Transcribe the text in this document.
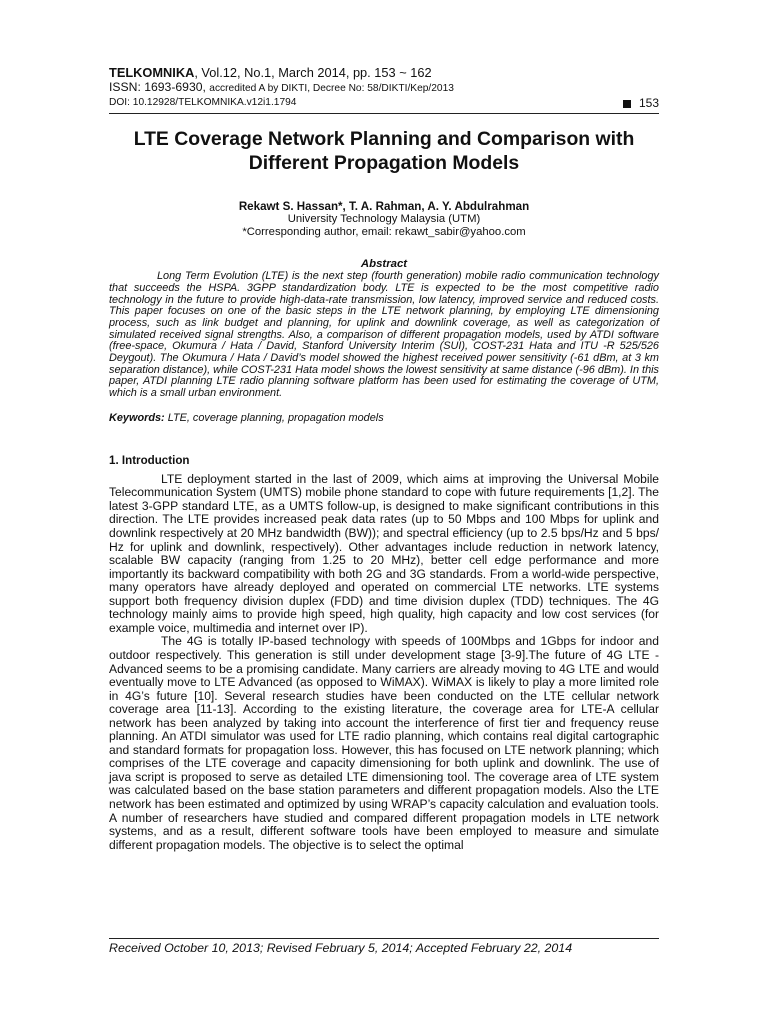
TELKOMNIKA, Vol.12, No.1, March 2014, pp. 153 ~ 162
ISSN: 1693-6930, accredited A by DIKTI, Decree No: 58/DIKTI/Kep/2013
DOI: 10.12928/TELKOMNIKA.v12i1.1794	153
LTE Coverage Network Planning and Comparison with Different Propagation Models
Rekawt S. Hassan*, T. A. Rahman, A. Y. Abdulrahman
University Technology Malaysia (UTM)
*Corresponding author, email: rekawt_sabir@yahoo.com
Abstract

Long Term Evolution (LTE) is the next step (fourth generation) mobile radio communication technology that succeeds the HSPA. 3GPP standardization body. LTE is expected to be the most competitive radio technology in the future to provide high-data-rate transmission, low latency, improved service and reduced costs. This paper focuses on one of the basic steps in the LTE network planning, by employing LTE dimensioning process, such as link budget and planning, for uplink and downlink coverage, as well as categorization of simulated received signal strengths. Also, a comparison of different propagation models, used by ATDI software (free-space, Okumura / Hata / David, Stanford University Interim (SUI), COST-231 Hata and ITU -R 525/526 Deygout). The Okumura / Hata / David’s model showed the highest received power sensitivity (-61 dBm, at 3 km separation distance), while COST-231 Hata model shows the lowest sensitivity at same distance (-96 dBm). In this paper, ATDI planning LTE radio planning software platform has been used for estimating the coverage of UTM, which is a small urban environment.

Keywords: LTE, coverage planning, propagation models
1. Introduction

LTE deployment started in the last of 2009, which aims at improving the Universal Mobile Telecommunication System (UMTS) mobile phone standard to cope with future requirements [1,2]. The latest 3-GPP standard LTE, as a UMTS follow-up, is designed to make significant contributions in this direction. The LTE provides increased peak data rates (up to 50 Mbps and 100 Mbps for uplink and downlink respectively at 20 MHz bandwidth (BW)); and spectral efficiency (up to 2.5 bps/Hz and 5 bps/ Hz for uplink and downlink, respectively). Other advantages include reduction in network latency, scalable BW capacity (ranging from 1.25 to 20 MHz), better cell edge performance and more importantly its backward compatibility with both 2G and 3G standards. From a world-wide perspective, many operators have already deployed and operated on commercial LTE networks. LTE systems support both frequency division duplex (FDD) and time division duplex (TDD) techniques. The 4G technology mainly aims to provide high speed, high quality, high capacity and low cost services (for example voice, multimedia and internet over IP).

The 4G is totally IP-based technology with speeds of 100Mbps and 1Gbps for indoor and outdoor respectively. This generation is still under development stage [3-9].The future of 4G LTE - Advanced seems to be a promising candidate. Many carriers are already moving to 4G LTE and would eventually move to LTE Advanced (as opposed to WiMAX). WiMAX is likely to play a more limited role in 4G’s future [10]. Several research studies have been conducted on the LTE cellular network coverage area [11-13]. According to the existing literature, the coverage area for LTE-A cellular network has been analyzed by taking into account the interference of first tier and frequency reuse planning. An ATDI simulator was used for LTE radio planning, which contains real digital cartographic and standard formats for propagation loss. However, this has focused on LTE network planning; which comprises of the LTE coverage and capacity dimensioning for both uplink and downlink. The use of java script is proposed to serve as detailed LTE dimensioning tool. The coverage area of LTE system was calculated based on the base station parameters and different propagation models. Also the LTE network has been estimated and optimized by using WRAP’s capacity calculation and evaluation tools. A number of researchers have studied and compared different propagation models in LTE network systems, and as a result, different software tools have been employed to measure and simulate different propagation models. The objective is to select the optimal

Received October 10, 2013; Revised February 5, 2014; Accepted February 22, 2014
